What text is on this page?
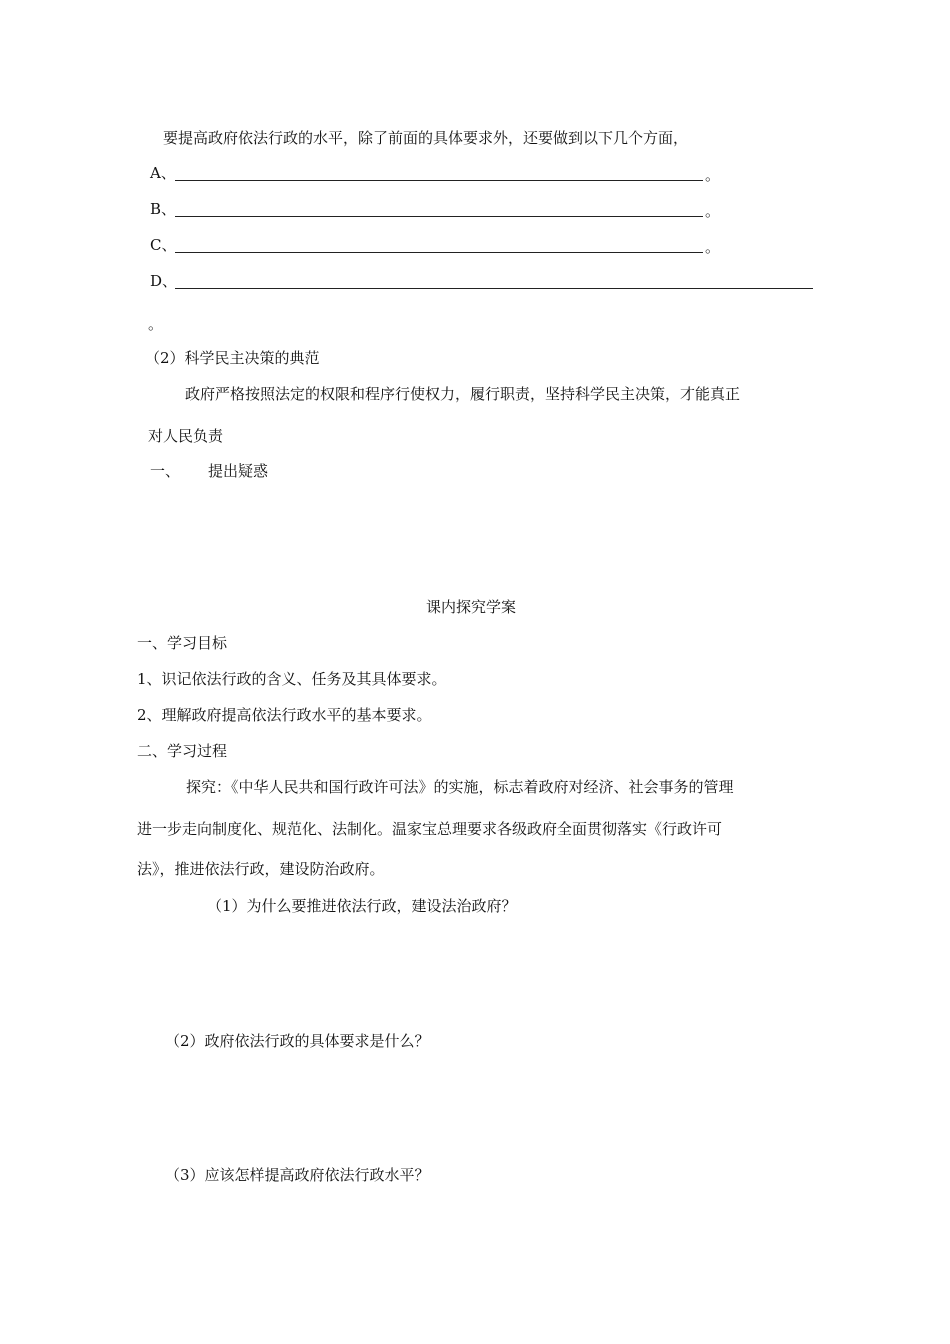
要提高政府依法行政的水平，除了前面的具体要求外，还要做到以下几个方面，
A、	。
B、	。
C、	。
D、
。
（2）科学民主决策的典范
政府严格按照法定的权限和程序行使权力，履行职责，坚持科学民主决策，才能真正
对人民负责
一、 提出疑惑
课内探究学案
一、学习目标
1、识记依法行政的含义、任务及其具体要求。
2、理解政府提高依法行政水平的基本要求。
二、学习过程
探究：《中华人民共和国行政许可法》的实施，标志着政府对经济、社会事务的管理
进一步走向制度化、规范化、法制化。温家宝总理要求各级政府全面贯彻落实《行政许可
法》，推进依法行政，建设防治政府。
（1）为什么要推进依法行政，建设法治政府？
（2）政府依法行政的具体要求是什么？
（3）应该怎样提高政府依法行政水平？
